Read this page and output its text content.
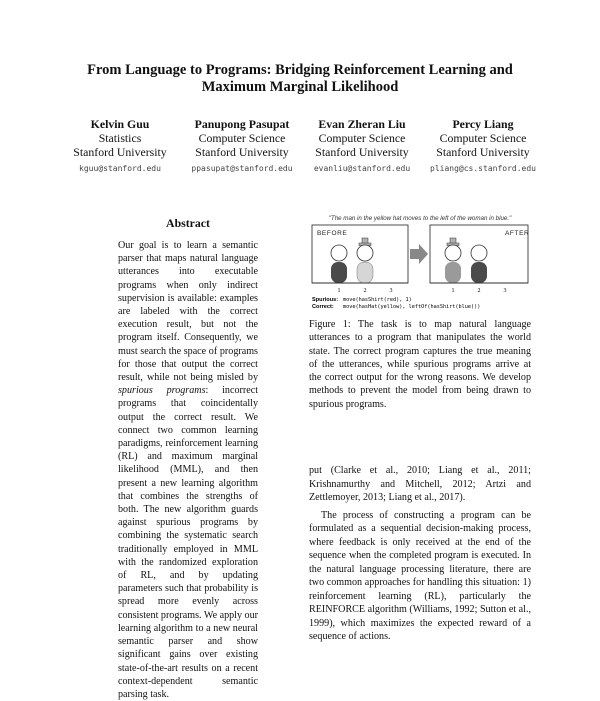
From Language to Programs: Bridging Reinforcement Learning and
Maximum Marginal Likelihood
Kelvin Guu
Statistics
Stanford University
kguu@stanford.edu
Panupong Pasupat
Computer Science
Stanford University
ppasupat@stanford.edu
Evan Zheran Liu
Computer Science
Stanford University
evanliu@stanford.edu
Percy Liang
Computer Science
Stanford University
pliang@cs.stanford.edu
Abstract

Our goal is to learn a semantic parser that maps natural language utterances into executable programs when only indirect supervision is available: examples are labeled with the correct execution result, but not the program itself. Consequently, we must search the space of programs for those that output the correct result, while not being misled by spurious programs: incorrect programs that coincidentally output the correct result. We connect two common learning paradigms, reinforcement learning (RL) and maximum marginal likelihood (MML), and then present a new learning algorithm that combines the strengths of both. The new algorithm guards against spurious programs by combining the systematic search traditionally employed in MML with the randomized exploration of RL, and by updating parameters such that probability is spread more evenly across consistent programs. We apply our learning algorithm to a new neural semantic parser and show significant gains over existing state-of-the-art results on a recent context-dependent semantic parsing task.

"The man in the yellow hat moves to the left of the woman in blue."
BEFORE
1	2	3
AFTER
1	2	3
Spurious: move(hasShirt(red), 1)
Correct: move(hasHat(yellow), leftOf(hasShirt(blue)))

Figure 1: The task is to map natural language utterances to a program that manipulates the world state. The correct program captures the true meaning of the utterances, while spurious programs arrive at the correct output for the wrong reasons. We develop methods to prevent the model from being drawn to spurious programs.

put (Clarke et al., 2010; Liang et al., 2011; Krishnamurthy and Mitchell, 2012; Artzi and Zettlemoyer, 2013; Liang et al., 2017).

The process of constructing a program can be formulated as a sequential decision-making process, where feedback is only received at the end of the sequence when the completed program is executed. In the natural language processing literature, there are two common approaches for handling this situation: 1) reinforcement learning (RL), particularly the REINFORCE algorithm (Williams, 1992; Sutton et al., 1999), which maximizes the expected reward of a sequence of actions.
